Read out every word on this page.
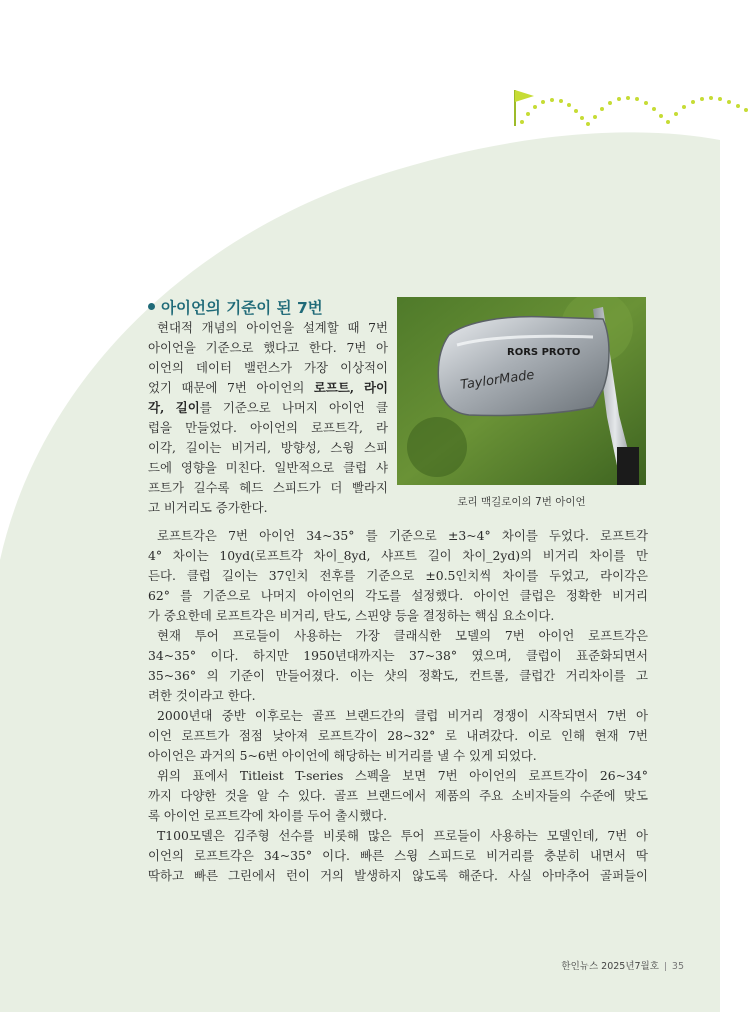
아이언의 기준이 된 7번
RORS PROTO
TaylorMade
로리 맥길로이의 7번 아이언
현대적 개념의 아이언을 설계할 때 7번
아이언을 기준으로 했다고 한다. 7번 아
이언의 데이터 밸런스가 가장 이상적이
었기 때문에 7번 아이언의 로프트, 라이
각, 길이를 기준으로 나머지 아이언 클
럽을 만들었다. 아이언의 로프트각, 라
이각, 길이는 비거리, 방향성, 스윙 스피
드에 영향을 미친다. 일반적으로 클럽 샤
프트가 길수록 헤드 스피드가 더 빨라지
고 비거리도 증가한다.
로프트각은 7번 아이언 34~35° 를 기준으로 ±3~4° 차이를 두었다. 로프트각
4° 차이는 10yd(로프트각 차이_8yd, 샤프트 길이 차이_2yd)의 비거리 차이를 만
든다. 클럽 길이는 37인치 전후를 기준으로 ±0.5인치씩 차이를 두었고, 라이각은
62° 를 기준으로 나머지 아이언의 각도를 설정했다. 아이언 클럽은 정확한 비거리
가 중요한데 로프트각은 비거리, 탄도, 스핀양 등을 결정하는 핵심 요소이다.
현재 투어 프로들이 사용하는 가장 클래식한 모델의 7번 아이언 로프트각은
34~35° 이다. 하지만 1950년대까지는 37~38° 였으며, 클럽이 표준화되면서
35~36° 의 기준이 만들어졌다. 이는 샷의 정확도, 컨트롤, 클럽간 거리차이를 고
려한 것이라고 한다.
2000년대 중반 이후로는 골프 브랜드간의 클럽 비거리 경쟁이 시작되면서 7번 아
이언 로프트가 점점 낮아져 로프트각이 28~32° 로 내려갔다. 이로 인해 현재 7번
아이언은 과거의 5~6번 아이언에 해당하는 비거리를 낼 수 있게 되었다.
위의 표에서 Titleist T-series 스펙을 보면 7번 아이언의 로프트각이 26~34°
까지 다양한 것을 알 수 있다. 골프 브랜드에서 제품의 주요 소비자들의 수준에 맞도
록 아이언 로프트각에 차이를 두어 출시했다.
T100모델은 김주형 선수를 비롯해 많은 투어 프로들이 사용하는 모델인데, 7번 아
이언의 로프트각은 34~35° 이다. 빠른 스윙 스피드로 비거리를 충분히 내면서 딱
딱하고 빠른 그린에서 런이 거의 발생하지 않도록 해준다. 사실 아마추어 골퍼들이
한인뉴스 2025년7월호 35
